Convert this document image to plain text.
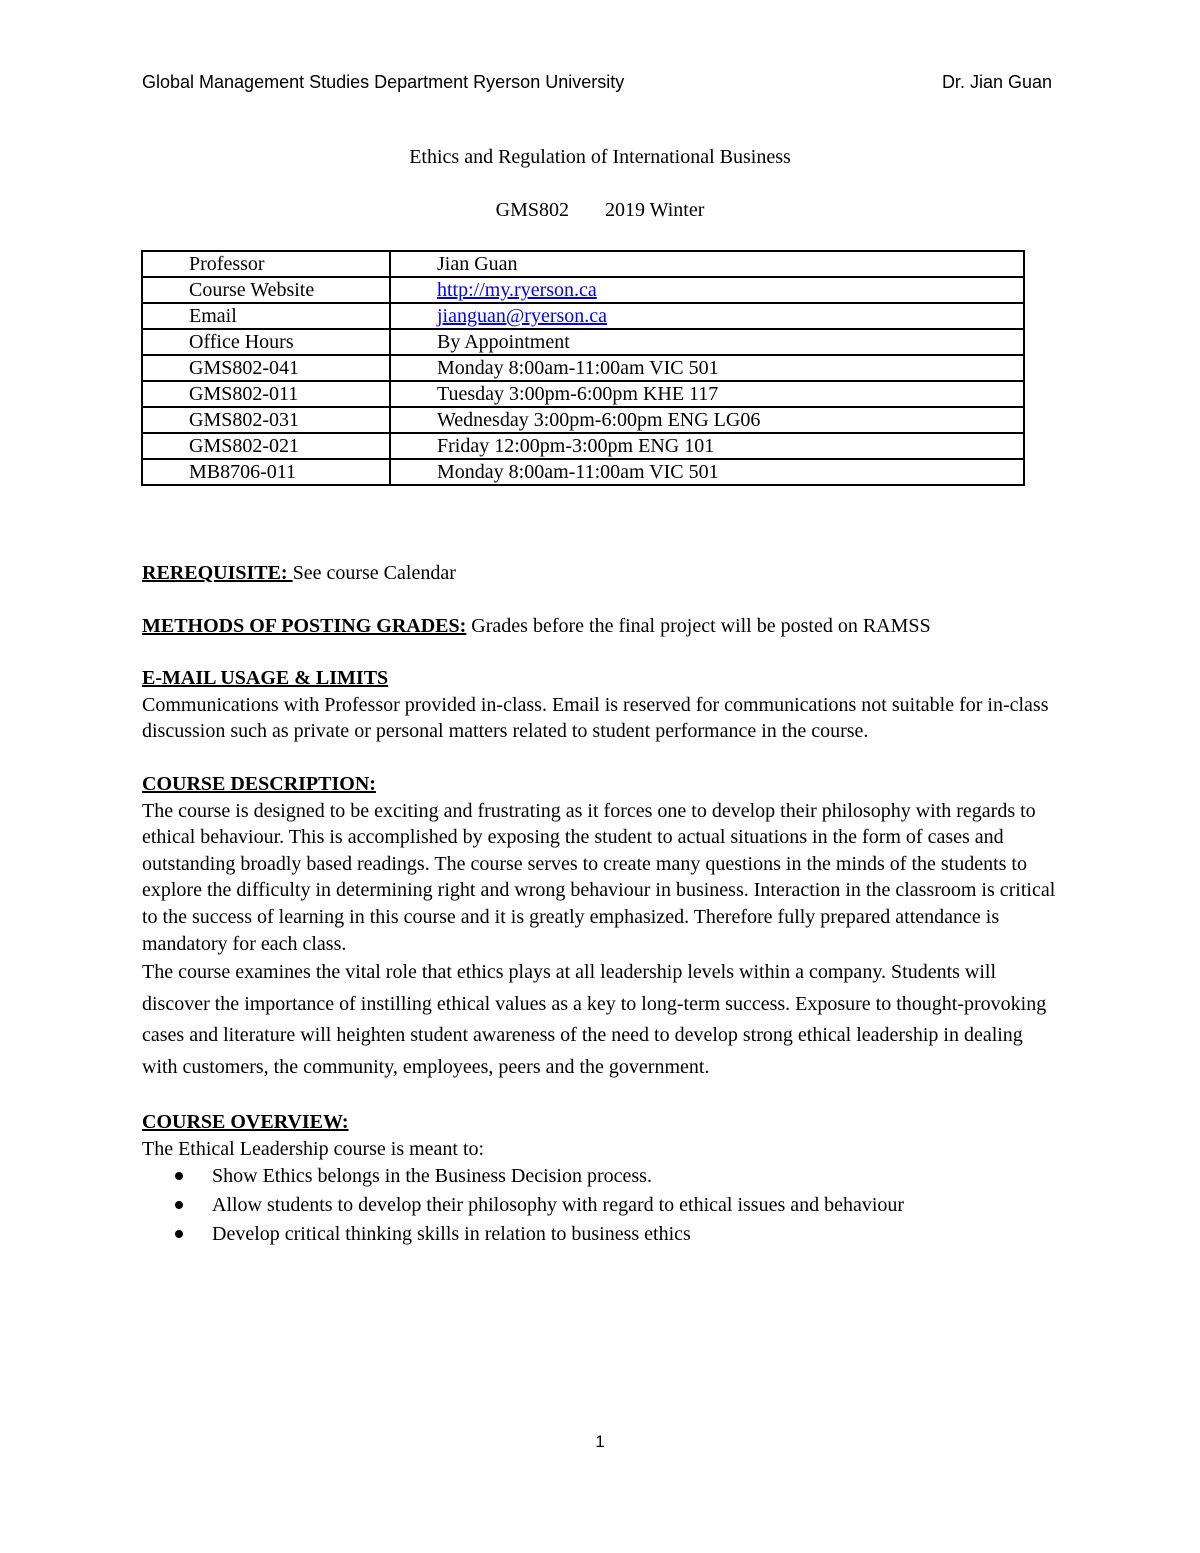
Global Management Studies Department Ryerson University	Dr. Jian Guan
Ethics and Regulation of International Business
GMS802 2019 Winter
Professor	Jian Guan
Course Website	http://my.ryerson.ca
Email	jianguan@ryerson.ca
Office Hours	By Appointment
GMS802-041	Monday 8:00am-11:00am VIC 501
GMS802-011	Tuesday 3:00pm-6:00pm KHE 117
GMS802-031	Wednesday 3:00pm-6:00pm ENG LG06
GMS802-021	Friday 12:00pm-3:00pm ENG 101
MB8706-011	Monday 8:00am-11:00am VIC 501

REREQUISITE: See course Calendar

METHODS OF POSTING GRADES: Grades before the final project will be posted on RAMSS

E-MAIL USAGE & LIMITS

Communications with Professor provided in-class. Email is reserved for communications not suitable for in-class discussion such as private or personal matters related to student performance in the course.

COURSE DESCRIPTION:

The course is designed to be exciting and frustrating as it forces one to develop their philosophy with regards to ethical behaviour. This is accomplished by exposing the student to actual situations in the form of cases and outstanding broadly based readings. The course serves to create many questions in the minds of the students to explore the difficulty in determining right and wrong behaviour in business. Interaction in the classroom is critical to the success of learning in this course and it is greatly emphasized. Therefore fully prepared attendance is mandatory for each class.

The course examines the vital role that ethics plays at all leadership levels within a company. Students will discover the importance of instilling ethical values as a key to long-term success. Exposure to thought-provoking cases and literature will heighten student awareness of the need to develop strong ethical leadership in dealing with customers, the community, employees, peers and the government.

COURSE OVERVIEW:

The Ethical Leadership course is meant to:

Show Ethics belongs in the Business Decision process.
Allow students to develop their philosophy with regard to ethical issues and behaviour
Develop critical thinking skills in relation to business ethics
1
